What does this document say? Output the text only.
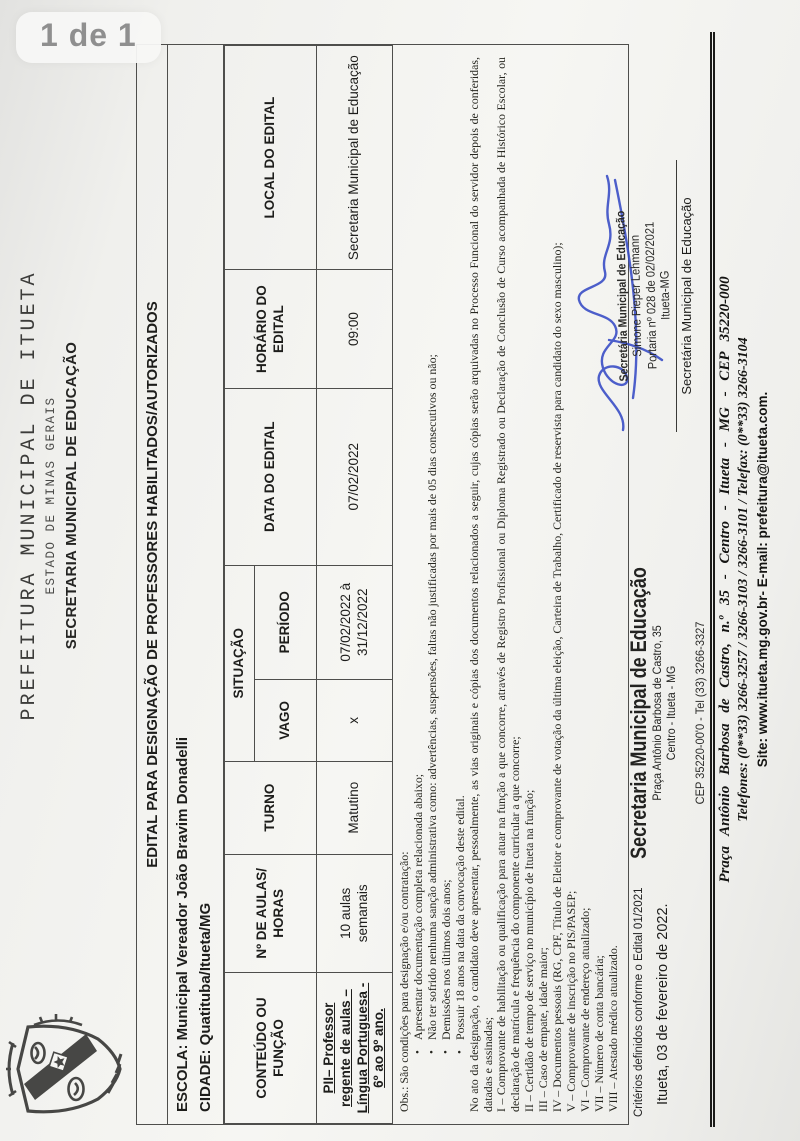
PREFEITURA MUNICIPAL DE ITUETA ESTADO DE MINAS GERAIS SECRETARIA MUNICIPAL DE EDUCAÇÃO	EDITAL PARA DESIGNAÇÃO DE PROFESSORES HABILITADOS/AUTORIZADOS
ESCOLA: Municipal Vereador João Bravim Donadelli CIDADE: Quatituba/Itueta/MG	CONTEÚDO OU FUNÇÃO	Nº DE AULAS/ HORAS	TURNO	SITUAÇÃO		DATA DO EDITAL	HORÁRIO DO EDITAL	LOCAL DO EDITAL
			VAGO	PERÍODO			
PII– Professor regente de aulas – Língua Portuguesa - 6º ao 9º ano.	10 aulas semanais	Matutino	x	07/02/2022 à 31/12/2022	07/02/2022	09:00	Secretaria Municipal de Educação

Obs.: São condições para designação e/ou contratação: • Apresentar documentação completa relacionada abaixo; • Não ter sofrido nenhuma sanção administrativa como: advertências, suspensões, faltas não justificadas por mais de 05 dias consecutivos ou não; • Demissões nos últimos dois anos; • Possuir 18 anos na data da convocação deste edital. No ato da designação, o candidato deve apresentar, pessoalmente, as vias originais e cópias dos documentos relacionados a seguir, cujas cópias serão arquivadas no Processo Funcional do servidor depois de conferidas, datadas e assinadas; I – Comprovante de habilitação ou qualificação para atuar na função a que concorre, através de Registro Profissional ou Diploma Registrado ou Declaração de Conclusão de Curso acompanhada de Histórico Escolar, ou declaração de matrícula e frequência do componente curricular a que concorre; II – Certidão de tempo de serviço no município de Itueta na função; III – Caso de empate, idade maior; IV – Documentos pessoais (RG, CPF, Título de Eleitor e comprovante de votação da última eleição, Carteira de Trabalho, Certificado de reservista para candidato do sexo masculino); V – Comprovante de inscrição no PIS/PASEP; VI – Comprovante de endereço atualizado; VII – Número de conta bancária; VIII – Atestado médico atualizado. Critérios definidos conforme o Edital 01/2021 Itueta, 03 de fevereiro de 2022.
Secretaria Municipal de Educação Praça Antônio Barbosa de Castro, 35 Centro - Itueta - MG CEP 35220-00'0 - Tel (33) 3266-3327
Secretária Municipal de Educação
Simone Pieper Lehmann
Portaria nº 028 de 02/02/2021
Itueta-MG Secretária Municipal de Educação Praça Antônio Barbosa de Castro, n.º 35 - Centro - Itueta - MG - CEP 35220-000 Telefones: (0**33) 3266-3257 / 3266-3103 / 3266-3101 / Telefax: (0**33) 3266-3104 Site: www.itueta.mg.gov.br- E-mail: prefeitura@itueta.com.
1 de 1
